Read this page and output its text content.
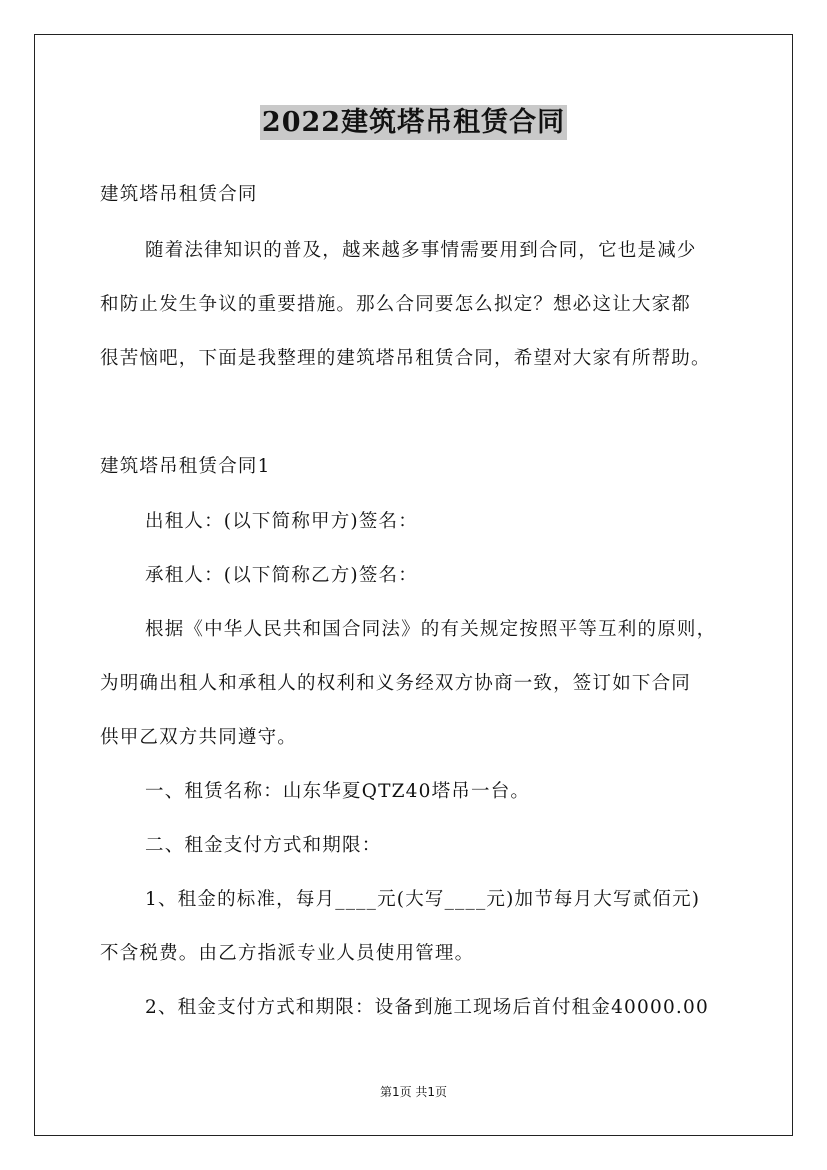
2022建筑塔吊租赁合同
建筑塔吊租赁合同
随着法律知识的普及，越来越多事情需要用到合同，它也是减少
和防止发生争议的重要措施。那么合同要怎么拟定？想必这让大家都
很苦恼吧，下面是我整理的建筑塔吊租赁合同，希望对大家有所帮助。
建筑塔吊租赁合同1
出租人：(以下简称甲方)签名：
承租人：(以下简称乙方)签名：
根据《中华人民共和国合同法》的有关规定按照平等互利的原则，
为明确出租人和承租人的权利和义务经双方协商一致，签订如下合同
供甲乙双方共同遵守。
一、租赁名称：山东华夏QTZ40塔吊一台。
二、租金支付方式和期限：
1、租金的标准，每月____元(大写____元)加节每月大写贰佰元)
不含税费。由乙方指派专业人员使用管理。
2、租金支付方式和期限：设备到施工现场后首付租金40000.00
第1页 共1页
